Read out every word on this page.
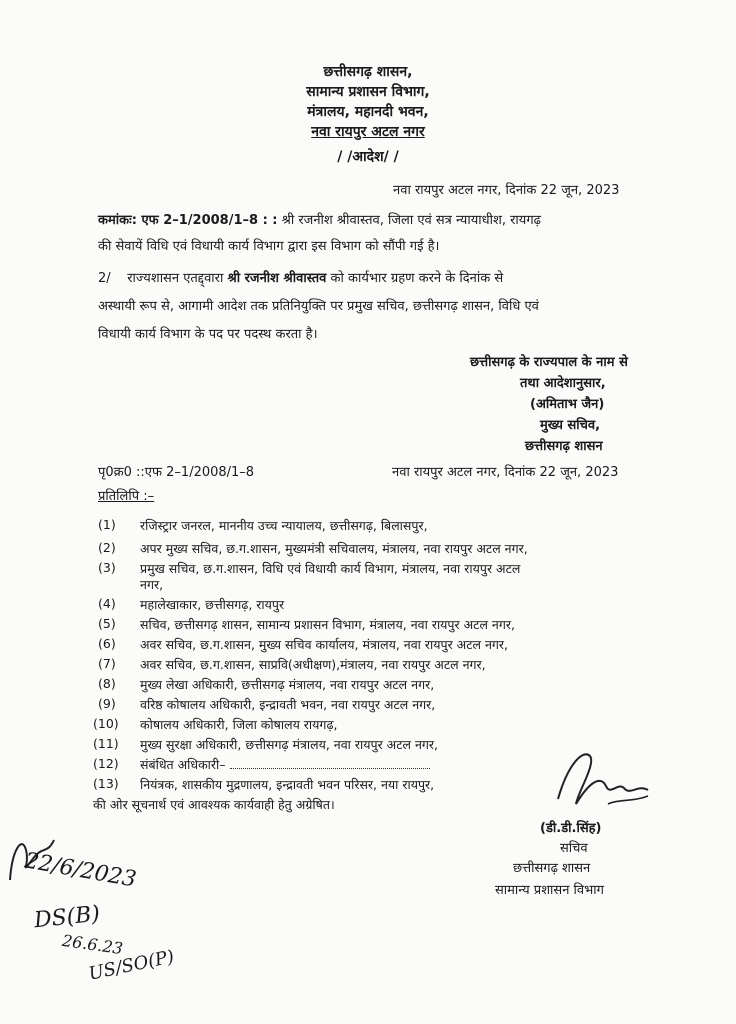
छत्तीसगढ़ शासन,
सामान्य प्रशासन विभाग,
मंत्रालय, महानदी भवन,
नवा रायपुर अटल नगर
/ /आदेश/ /
नवा रायपुर अटल नगर, दिनांक 22 जून, 2023
कमांकः: एफ 2–1/2008/1–8 : : श्री रजनीश श्रीवास्तव, जिला एवं सत्र न्यायाधीश, रायगढ़
की सेवायें विधि एवं विधायी कार्य विभाग द्वारा इस विभाग को सौंपी गई है।
2/ राज्यशासन एतद्द्वारा श्री रजनीश श्रीवास्तव को कार्यभार ग्रहण करने के दिनांक से
अस्थायी रूप से, आगामी आदेश तक प्रतिनियुक्ति पर प्रमुख सचिव, छत्तीसगढ़ शासन, विधि एवं
विधायी कार्य विभाग के पद पर पदस्थ करता है।
छत्तीसगढ़ के राज्यपाल के नाम से
तथा आदेशानुसार,
(अमिताभ जैन)
मुख्य सचिव,
छत्तीसगढ़ शासन
पृ0क्र0 ::एफ 2–1/2008/1–8	नवा रायपुर अटल नगर, दिनांक 22 जून, 2023
प्रतिलिपि :–
(1) रजिस्ट्रार जनरल, माननीय उच्च न्यायालय, छत्तीसगढ़, बिलासपुर,
(2) अपर मुख्य सचिव, छ.ग.शासन, मुख्यमंत्री सचिवालय, मंत्रालय, नवा रायपुर अटल नगर,
(3) प्रमुख सचिव, छ.ग.शासन, विधि एवं विधायी कार्य विभाग, मंत्रालय, नवा रायपुर अटल
नगर,
(4) महालेखाकार, छत्तीसगढ़, रायपुर
(5) सचिव, छत्तीसगढ़ शासन, सामान्य प्रशासन विभाग, मंत्रालय, नवा रायपुर अटल नगर,
(6) अवर सचिव, छ.ग.शासन, मुख्य सचिव कार्यालय, मंत्रालय, नवा रायपुर अटल नगर,
(7) अवर सचिव, छ.ग.शासन, साप्रवि(अधीक्षण),मंत्रालय, नवा रायपुर अटल नगर,
(8) मुख्य लेखा अधिकारी, छत्तीसगढ़ मंत्रालय, नवा रायपुर अटल नगर,
(9) वरिष्ठ कोषालय अधिकारी, इन्द्रावती भवन, नवा रायपुर अटल नगर,
(10) कोषालय अधिकारी, जिला कोषालय रायगढ़,
(11) मुख्य सुरक्षा अधिकारी, छत्तीसगढ़ मंत्रालय, नवा रायपुर अटल नगर,
(12) संबंधित अधिकारी–
(13) नियंत्रक, शासकीय मुद्रणालय, इन्द्रावती भवन परिसर, नया रायपुर,
की ओर सूचनार्थ एवं आवश्यक कार्यवाही हेतु अग्रेषित।
(डी.डी.सिंह)
सचिव
छत्तीसगढ़ शासन
सामान्य प्रशासन विभाग
22/6/2023
DS(B)
26.6.23
US/SO(P)
